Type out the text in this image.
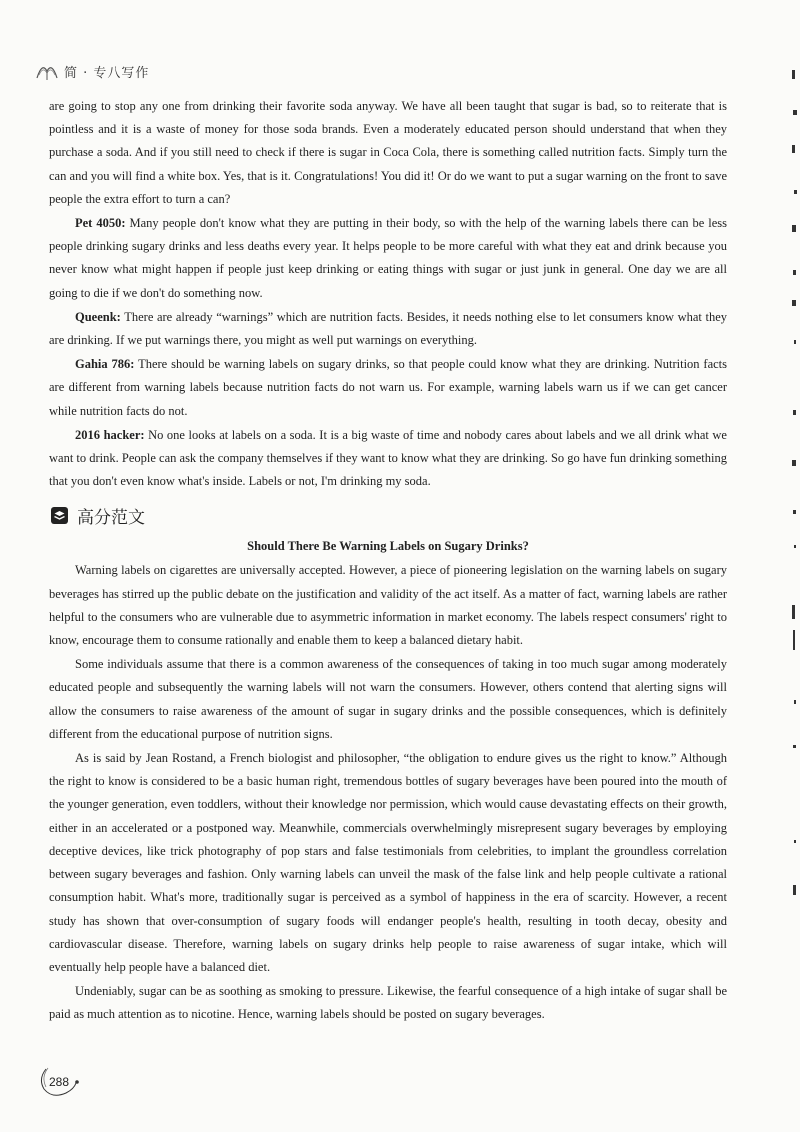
简 · 专八写作

are going to stop any one from drinking their favorite soda anyway. We have all been taught that sugar is bad, so to reiterate that is pointless and it is a waste of money for those soda brands. Even a moderately educated person should understand that when they purchase a soda. And if you still need to check if there is sugar in Coca Cola, there is something called nutrition facts. Simply turn the can and you will find a white box. Yes, that is it. Congratulations! You did it! Or do we want to put a sugar warning on the front to save people the extra effort to turn a can?

Pet 4050: Many people don't know what they are putting in their body, so with the help of the warning labels there can be less people drinking sugary drinks and less deaths every year. It helps people to be more careful with what they eat and drink because you never know what might happen if people just keep drinking or eating things with sugar or just junk in general. One day we are all going to die if we don't do something now.

Queenk: There are already “warnings” which are nutrition facts. Besides, it needs nothing else to let consumers know what they are drinking. If we put warnings there, you might as well put warnings on everything.

Gahia 786: There should be warning labels on sugary drinks, so that people could know what they are drinking. Nutrition facts are different from warning labels because nutrition facts do not warn us. For example, warning labels warn us if we can get cancer while nutrition facts do not.

2016 hacker: No one looks at labels on a soda. It is a big waste of time and nobody cares about labels and we all drink what we want to drink. People can ask the company themselves if they want to know what they are drinking. So go have fun drinking something that you don't even know what's inside. Labels or not, I'm drinking my soda.

高分范文

Should There Be Warning Labels on Sugary Drinks?

Warning labels on cigarettes are universally accepted. However, a piece of pioneering legislation on the warning labels on sugary beverages has stirred up the public debate on the justification and validity of the act itself. As a matter of fact, warning labels are rather helpful to the consumers who are vulnerable due to asymmetric information in market economy. The labels respect consumers' right to know, encourage them to consume rationally and enable them to keep a balanced dietary habit.

Some individuals assume that there is a common awareness of the consequences of taking in too much sugar among moderately educated people and subsequently the warning labels will not warn the consumers. However, others contend that alerting signs will allow the consumers to raise awareness of the amount of sugar in sugary drinks and the possible consequences, which is definitely different from the educational purpose of nutrition signs.

As is said by Jean Rostand, a French biologist and philosopher, “the obligation to endure gives us the right to know.” Although the right to know is considered to be a basic human right, tremendous bottles of sugary beverages have been poured into the mouth of the younger generation, even toddlers, without their knowledge nor permission, which would cause devastating effects on their growth, either in an accelerated or a postponed way. Meanwhile, commercials overwhelmingly misrepresent sugary beverages by employing deceptive devices, like trick photography of pop stars and false testimonials from celebrities, to implant the groundless correlation between sugary beverages and fashion. Only warning labels can unveil the mask of the false link and help people cultivate a rational consumption habit. What's more, traditionally sugar is perceived as a symbol of happiness in the era of scarcity. However, a recent study has shown that over-consumption of sugary foods will endanger people's health, resulting in tooth decay, obesity and cardiovascular disease. Therefore, warning labels on sugary drinks help people to raise awareness of sugar intake, which will eventually help people have a balanced diet.

Undeniably, sugar can be as soothing as smoking to pressure. Likewise, the fearful consequence of a high intake of sugar shall be paid as much attention as to nicotine. Hence, warning labels should be posted on sugary beverages.

288
